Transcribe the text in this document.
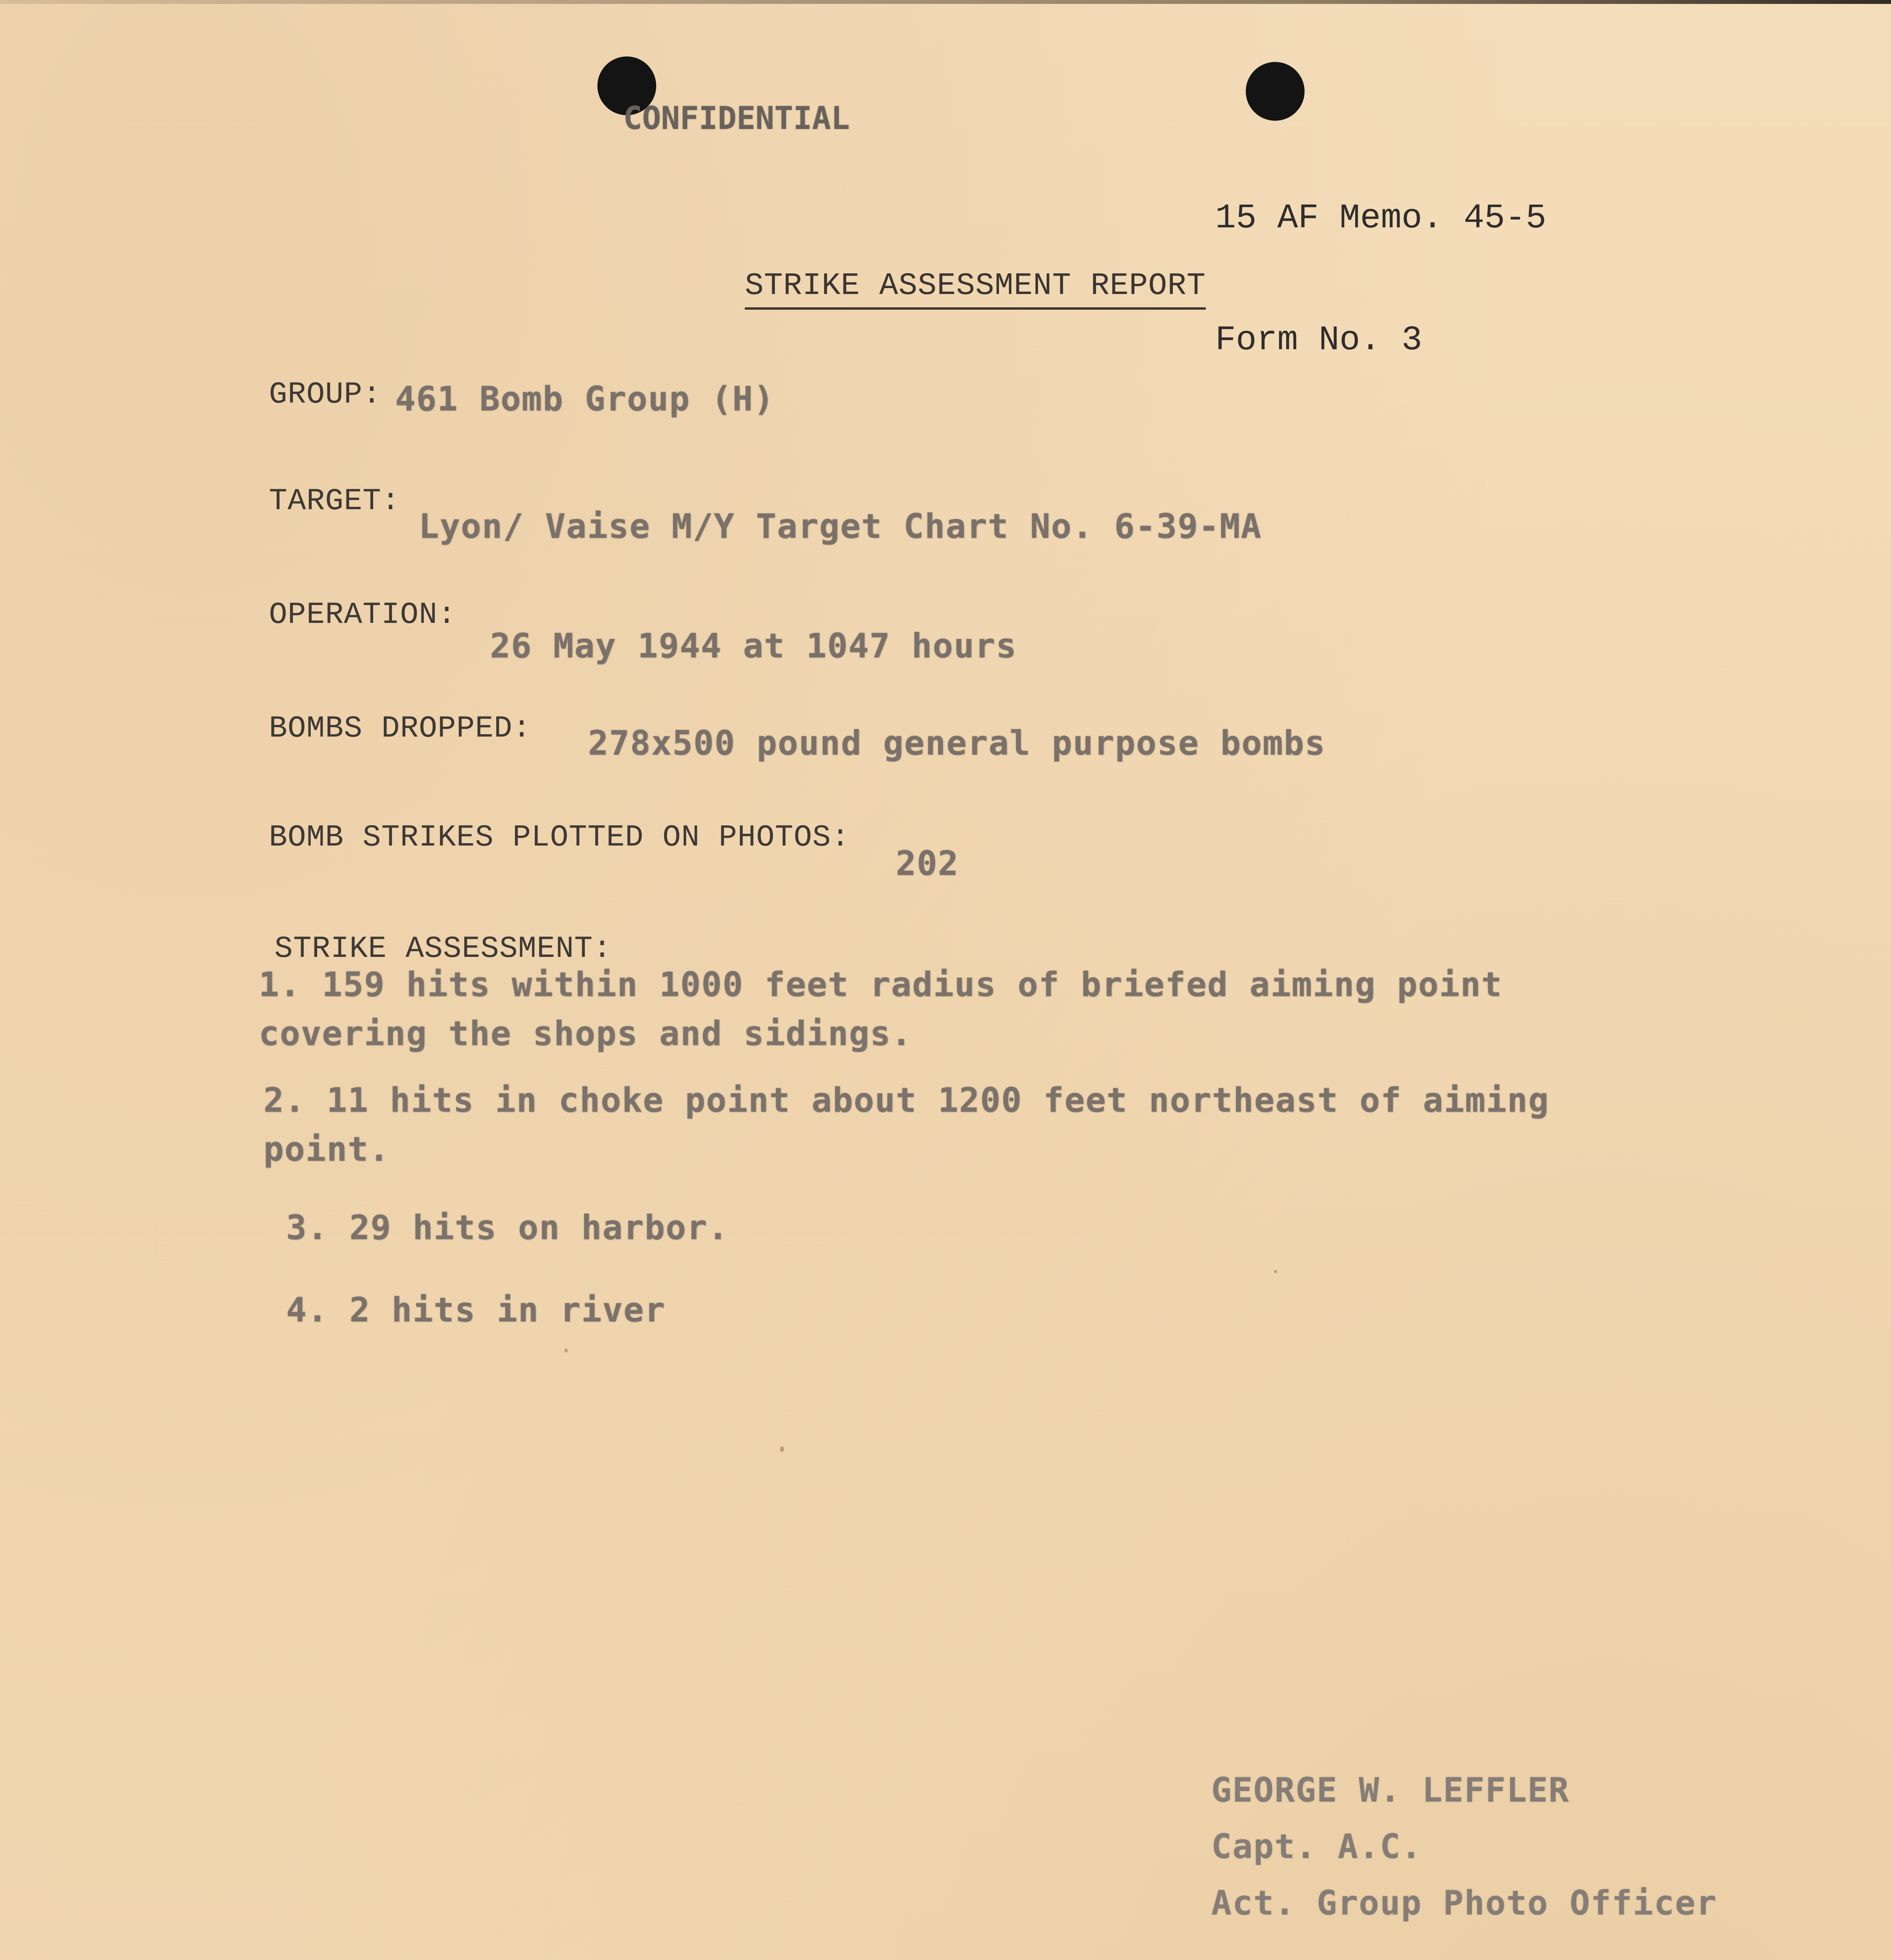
CONFIDENTIAL

15 AF Memo. 45-5

Form No. 3

STRIKE ASSESSMENT REPORT
GROUP: 461 Bomb Group (H)
TARGET:
Lyon/ Vaise M/Y Target Chart No. 6-39-MA
OPERATION:
26 May 1944 at 1047 hours
BOMBS DROPPED: 278x500 pound general purpose bombs
BOMB STRIKES PLOTTED ON PHOTOS:
202
STRIKE ASSESSMENT:
1. 159 hits within 1000 feet radius of briefed aiming point
covering the shops and sidings.
2. 11 hits in choke point about 1200 feet northeast of aiming
point.
3. 29 hits on harbor.
4. 2 hits in river

GEORGE W. LEFFLER

Capt. A.C.

Act. Group Photo Officer
